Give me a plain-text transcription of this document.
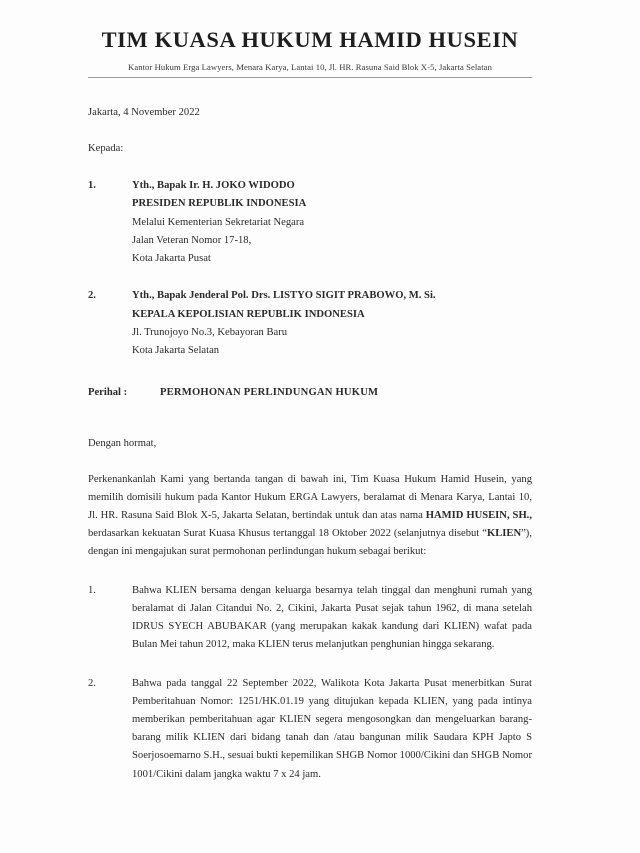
TIM KUASA HUKUM HAMID HUSEIN
Kantor Hukum Erga Lawyers, Menara Karya, Lantai 10, Jl. HR. Rasuna Said Blok X-5, Jakarta Selatan
Jakarta, 4 November 2022
Kepada:
1.	Yth., Bapak Ir. H. JOKO WIDODO
PRESIDEN REPUBLIK INDONESIA
Melalui Kementerian Sekretariat Negara
Jalan Veteran Nomor 17-18,
Kota Jakarta Pusat
2.	Yth., Bapak Jenderal Pol. Drs. LISTYO SIGIT PRABOWO, M. Si.
KEPALA KEPOLISIAN REPUBLIK INDONESIA
Jl. Trunojoyo No.3, Kebayoran Baru
Kota Jakarta Selatan
Perihal :	PERMOHONAN PERLINDUNGAN HUKUM
Dengan hormat,
Perkenankanlah Kami yang bertanda tangan di bawah ini, Tim Kuasa Hukum Hamid Husein, yang memilih domisili hukum pada Kantor Hukum ERGA Lawyers, beralamat di Menara Karya, Lantai 10, Jl. HR. Rasuna Said Blok X-5, Jakarta Selatan, bertindak untuk dan atas nama HAMID HUSEIN, SH., berdasarkan kekuatan Surat Kuasa Khusus tertanggal 18 Oktober 2022 (selanjutnya disebut “KLIEN”), dengan ini mengajukan surat permohonan perlindungan hukum sebagai berikut:
1.	Bahwa KLIEN bersama dengan keluarga besarnya telah tinggal dan menghuni rumah yang beralamat di Jalan Citandui No. 2, Cikini, Jakarta Pusat sejak tahun 1962, di mana setelah IDRUS SYECH ABUBAKAR (yang merupakan kakak kandung dari KLIEN) wafat pada Bulan Mei tahun 2012, maka KLIEN terus melanjutkan penghunian hingga sekarang.
2.	Bahwa pada tanggal 22 September 2022, Walikota Kota Jakarta Pusat menerbitkan Surat Pemberitahuan Nomor: 1251/HK.01.19 yang ditujukan kepada KLIEN, yang pada intinya memberikan pemberitahuan agar KLIEN segera mengosongkan dan mengeluarkan barang-barang milik KLIEN dari bidang tanah dan /atau bangunan milik Saudara KPH Japto S Soerjosoemarno S.H., sesuai bukti kepemilikan SHGB Nomor 1000/Cikini dan SHGB Nomor 1001/Cikini dalam jangka waktu 7 x 24 jam.
